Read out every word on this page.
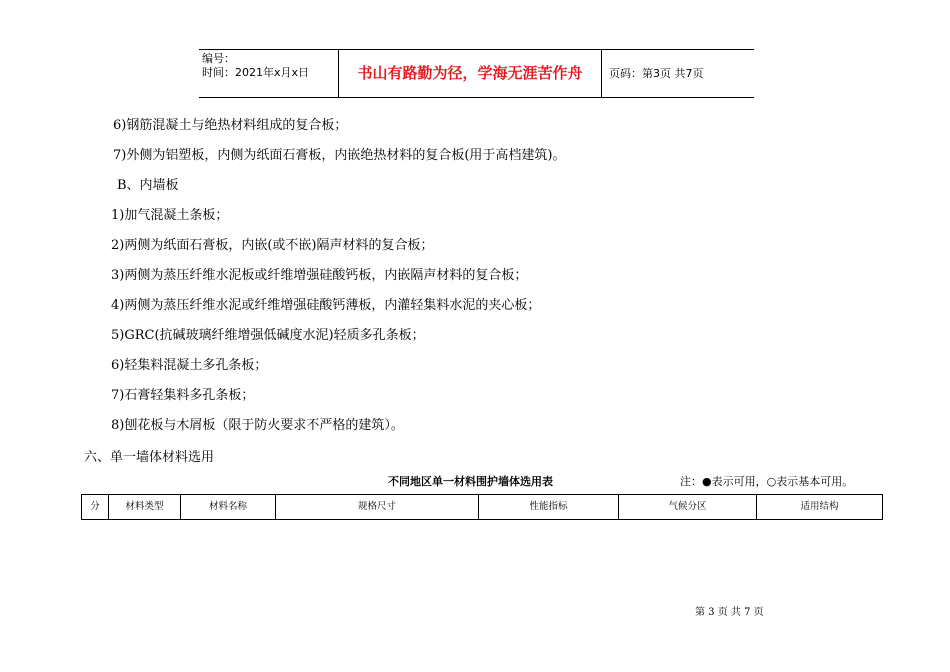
编号：
时间：2021年x月x日	书山有路勤为径，学海无涯苦作舟	页码：第3页 共7页
6)钢筋混凝土与绝热材料组成的复合板；
7)外侧为铝塑板，内侧为纸面石膏板，内嵌绝热材料的复合板(用于高档建筑)。
B、内墙板
1)加气混凝土条板；
2)两侧为纸面石膏板，内嵌(或不嵌)隔声材料的复合板；
3)两侧为蒸压纤维水泥板或纤维增强硅酸钙板，内嵌隔声材料的复合板；
4)两侧为蒸压纤维水泥或纤维增强硅酸钙薄板，内灌轻集料水泥的夹心板；
5)GRC(抗碱玻璃纤维增强低碱度水泥)轻质多孔条板；
6)轻集料混凝土多孔条板；
7)石膏轻集料多孔条板；
8)刨花板与木屑板（限于防火要求不严格的建筑）。
六、单一墙体材料选用
不同地区单一材料围护墙体选用表	注：●表示可用，○表示基本可用。
分	材料类型	材料名称	规格尺寸	性能指标	气候分区	适用结构
第 3 页 共 7 页
